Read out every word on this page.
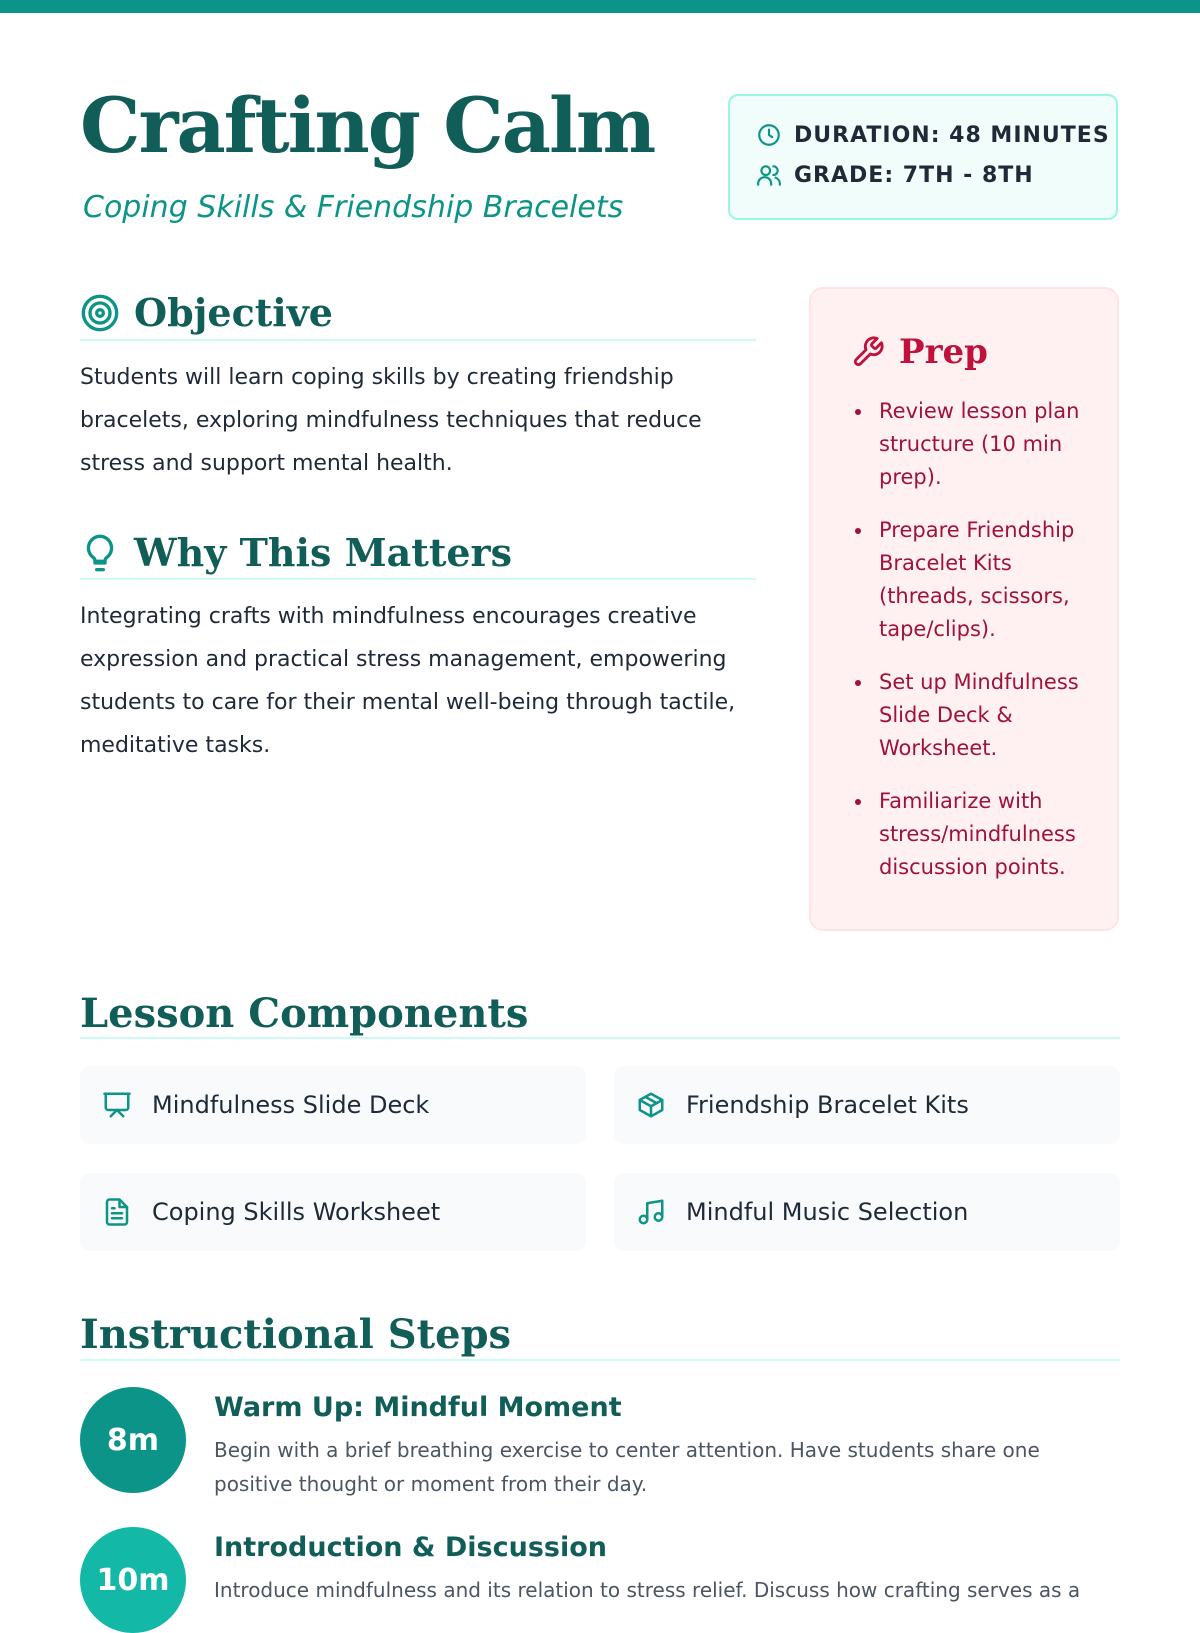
Crafting Calm
Coping Skills & Friendship Bracelets
DURATION: 48 MINUTES
GRADE: 7TH - 8TH
Objective
Students will learn coping skills by creating friendship bracelets, exploring mindfulness techniques that reduce stress and support mental health.
Why This Matters
Integrating crafts with mindfulness encourages creative expression and practical stress management, empowering students to care for their mental well-being through tactile, meditative tasks.
Prep
Review lesson plan structure (10 min prep).
Prepare Friendship Bracelet Kits (threads, scissors, tape/clips).
Set up Mindfulness Slide Deck & Worksheet.
Familiarize with stress/mindfulness discussion points.
Lesson Components
Mindfulness Slide Deck	Friendship Bracelet Kits
Coping Skills Worksheet	Mindful Music Selection
Instructional Steps
8m
Warm Up: Mindful Moment
Begin with a brief breathing exercise to center attention. Have students share one positive thought or moment from their day.
10m
Introduction & Discussion
Introduce mindfulness and its relation to stress relief. Discuss how crafting serves as a
